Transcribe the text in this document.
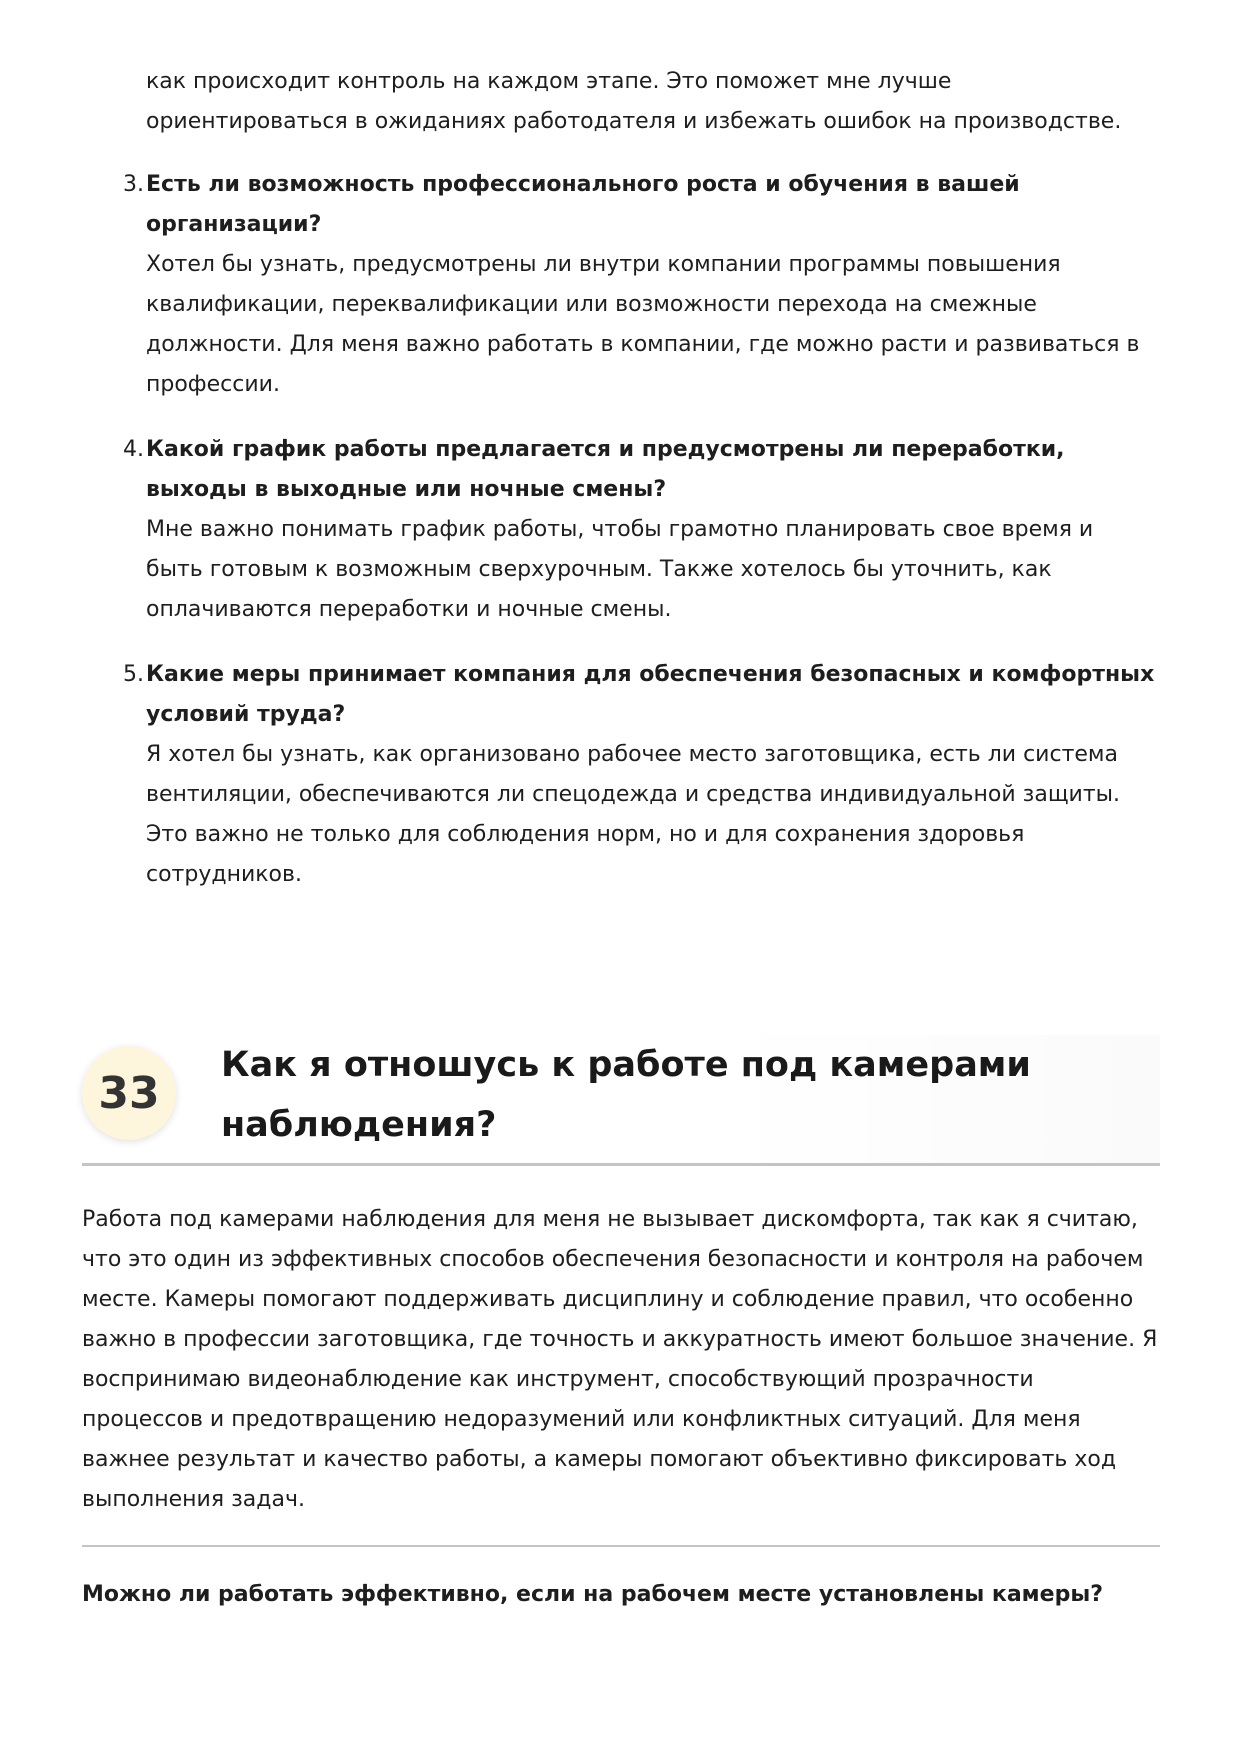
как происходит контроль на каждом этапе. Это поможет мне лучше ориентироваться в ожиданиях работодателя и избежать ошибок на производстве.

3. Есть ли возможность профессионального роста и обучения в вашей организации?
Хотел бы узнать, предусмотрены ли внутри компании программы повышения квалификации, переквалификации или возможности перехода на смежные должности. Для меня важно работать в компании, где можно расти и развиваться в профессии.
4. Какой график работы предлагается и предусмотрены ли переработки, выходы в выходные или ночные смены?
Мне важно понимать график работы, чтобы грамотно планировать свое время и быть готовым к возможным сверхурочным. Также хотелось бы уточнить, как оплачиваются переработки и ночные смены.
5. Какие меры принимает компания для обеспечения безопасных и комфортных условий труда?
Я хотел бы узнать, как организовано рабочее место заготовщика, есть ли система вентиляции, обеспечиваются ли спецодежда и средства индивидуальной защиты. Это важно не только для соблюдения норм, но и для сохранения здоровья сотрудников.
33
Как я отношусь к работе под камерами наблюдения?

Работа под камерами наблюдения для меня не вызывает дискомфорта, так как я считаю, что это один из эффективных способов обеспечения безопасности и контроля на рабочем месте. Камеры помогают поддерживать дисциплину и соблюдение правил, что особенно важно в профессии заготовщика, где точность и аккуратность имеют большое значение. Я воспринимаю видеонаблюдение как инструмент, способствующий прозрачности процессов и предотвращению недоразумений или конфликтных ситуаций. Для меня важнее результат и качество работы, а камеры помогают объективно фиксировать ход выполнения задач.

Можно ли работать эффективно, если на рабочем месте установлены камеры?
